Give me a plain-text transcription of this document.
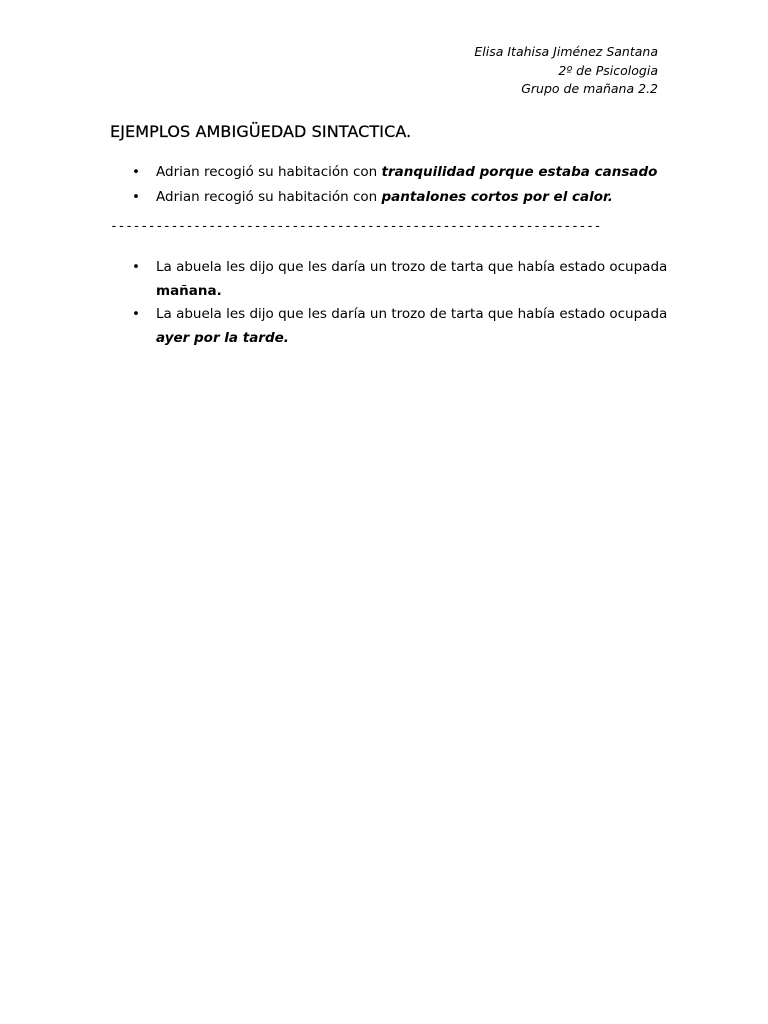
Elisa Itahisa Jiménez Santana
2º de Psicologia
Grupo de mañana 2.2
EJEMPLOS AMBIGÜEDAD SINTACTICA.
• Adrian recogió su habitación con tranquilidad porque estaba cansado
• Adrian recogió su habitación con pantalones cortos por el calor.
-----------------------------------------------------------------
• La abuela les dijo que les daría un trozo de tarta que había estado ocupada mañana.
• La abuela les dijo que les daría un trozo de tarta que había estado ocupada ayer por la tarde.
